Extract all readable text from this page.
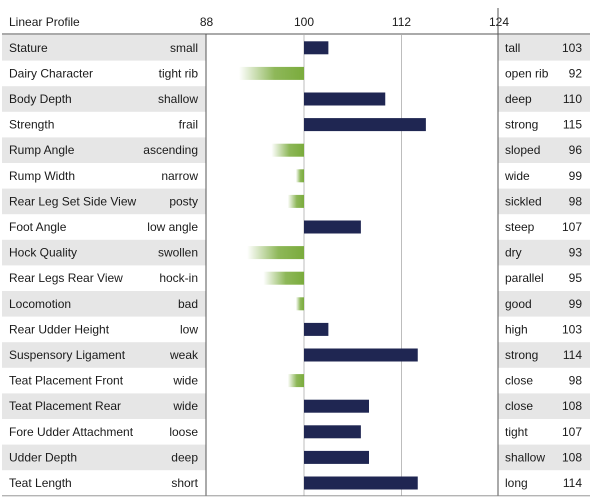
Linear Profile	88	100	112	124
Stature	small	tall	103
Dairy Character	tight rib	open rib 92
Body Depth	shallow	deep	110
Strength	frail	strong 115
Rump Angle	ascending	sloped 96
Rump Width	narrow	wide	99
Rear Leg Set Side View	posty	sickled 98
Foot Angle	low angle	steep 107
Hock Quality	swollen	dry	93
Rear Legs Rear View	hock-in	parallel 95
Locomotion	bad	good	99
Rear Udder Height	low	high	103
Suspensory Ligament	weak	strong 114
Teat Placement Front	wide	close	98
Teat Placement Rear	wide	close 108
Fore Udder Attachment	loose	tight	107
Udder Depth	deep	shallow 108
Teat Length	short	long	114
